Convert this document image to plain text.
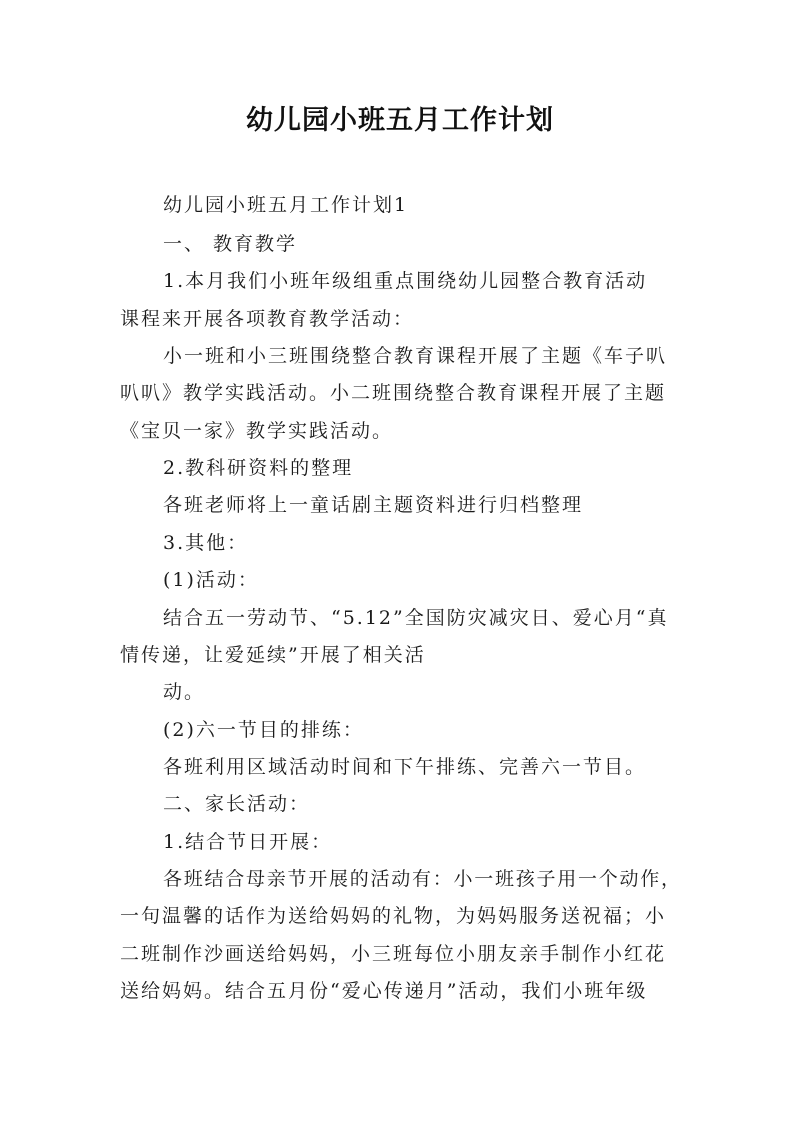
幼儿园小班五月工作计划
幼儿园小班五月工作计划1
一、 教育教学
1.本月我们小班年级组重点围绕幼儿园整合教育活动
课程来开展各项教育教学活动：
小一班和小三班围绕整合教育课程开展了主题《车子叭
叭叭》教学实践活动。小二班围绕整合教育课程开展了主题
《宝贝一家》教学实践活动。
2.教科研资料的整理
各班老师将上一童话剧主题资料进行归档整理
3.其他：
(1)活动：
结合五一劳动节、“5.12”全国防灾减灾日、爱心月“真
情传递，让爱延续”开展了相关活
动。
(2)六一节目的排练：
各班利用区域活动时间和下午排练、完善六一节目。
二、家长活动：
1.结合节日开展：
各班结合母亲节开展的活动有：小一班孩子用一个动作，
一句温馨的话作为送给妈妈的礼物，为妈妈服务送祝福；小
二班制作沙画送给妈妈，小三班每位小朋友亲手制作小红花
送给妈妈。结合五月份“爱心传递月”活动，我们小班年级
